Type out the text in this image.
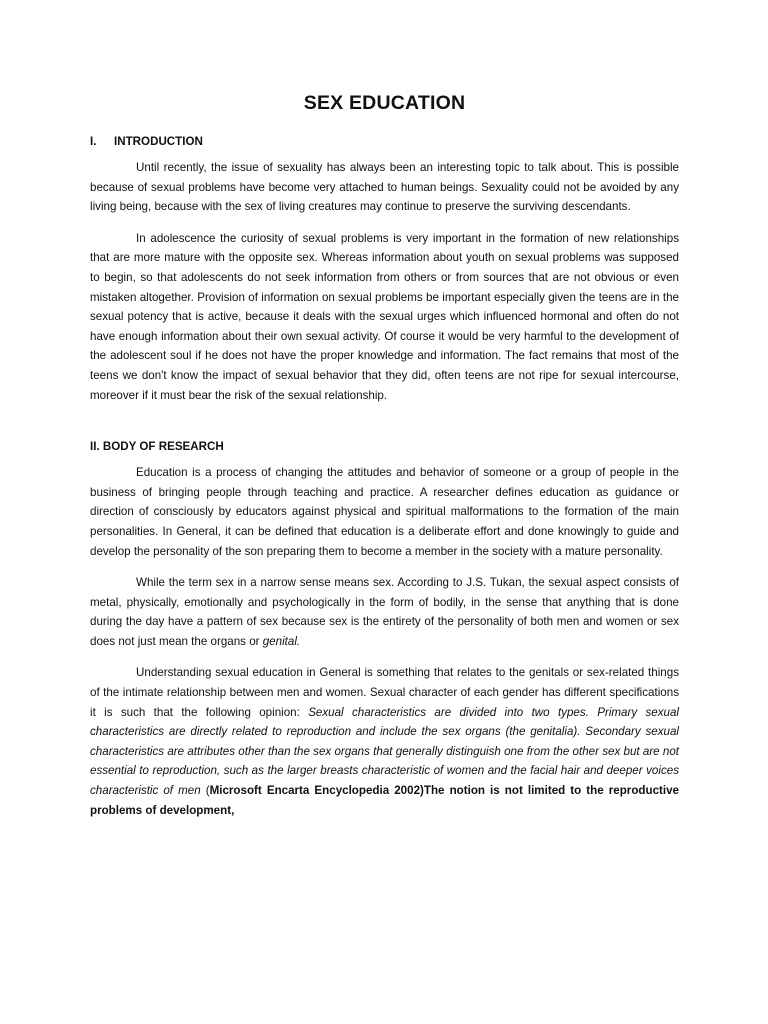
SEX EDUCATION
I. INTRODUCTION

Until recently, the issue of sexuality has always been an interesting topic to talk about. This is possible because of sexual problems have become very attached to human beings. Sexuality could not be avoided by any living being, because with the sex of living creatures may continue to preserve the surviving descendants.

In adolescence the curiosity of sexual problems is very important in the formation of new relationships that are more mature with the opposite sex. Whereas information about youth on sexual problems was supposed to begin, so that adolescents do not seek information from others or from sources that are not obvious or even mistaken altogether. Provision of information on sexual problems be important especially given the teens are in the sexual potency that is active, because it deals with the sexual urges which influenced hormonal and often do not have enough information about their own sexual activity. Of course it would be very harmful to the development of the adolescent soul if he does not have the proper knowledge and information. The fact remains that most of the teens we don't know the impact of sexual behavior that they did, often teens are not ripe for sexual intercourse, moreover if it must bear the risk of the sexual relationship.

II. BODY OF RESEARCH

Education is a process of changing the attitudes and behavior of someone or a group of people in the business of bringing people through teaching and practice. A researcher defines education as guidance or direction of consciously by educators against physical and spiritual malformations to the formation of the main personalities. In General, it can be defined that education is a deliberate effort and done knowingly to guide and develop the personality of the son preparing them to become a member in the society with a mature personality.

While the term sex in a narrow sense means sex. According to J.S. Tukan, the sexual aspect consists of metal, physically, emotionally and psychologically in the form of bodily, in the sense that anything that is done during the day have a pattern of sex because sex is the entirety of the personality of both men and women or sex does not just mean the organs or genital.

Understanding sexual education in General is something that relates to the genitals or sex-related things of the intimate relationship between men and women. Sexual character of each gender has different specifications it is such that the following opinion: Sexual characteristics are divided into two types. Primary sexual characteristics are directly related to reproduction and include the sex organs (the genitalia). Secondary sexual characteristics are attributes other than the sex organs that generally distinguish one from the other sex but are not essential to reproduction, such as the larger breasts characteristic of women and the facial hair and deeper voices characteristic of men (Microsoft Encarta Encyclopedia 2002)The notion is not limited to the reproductive problems of development,
